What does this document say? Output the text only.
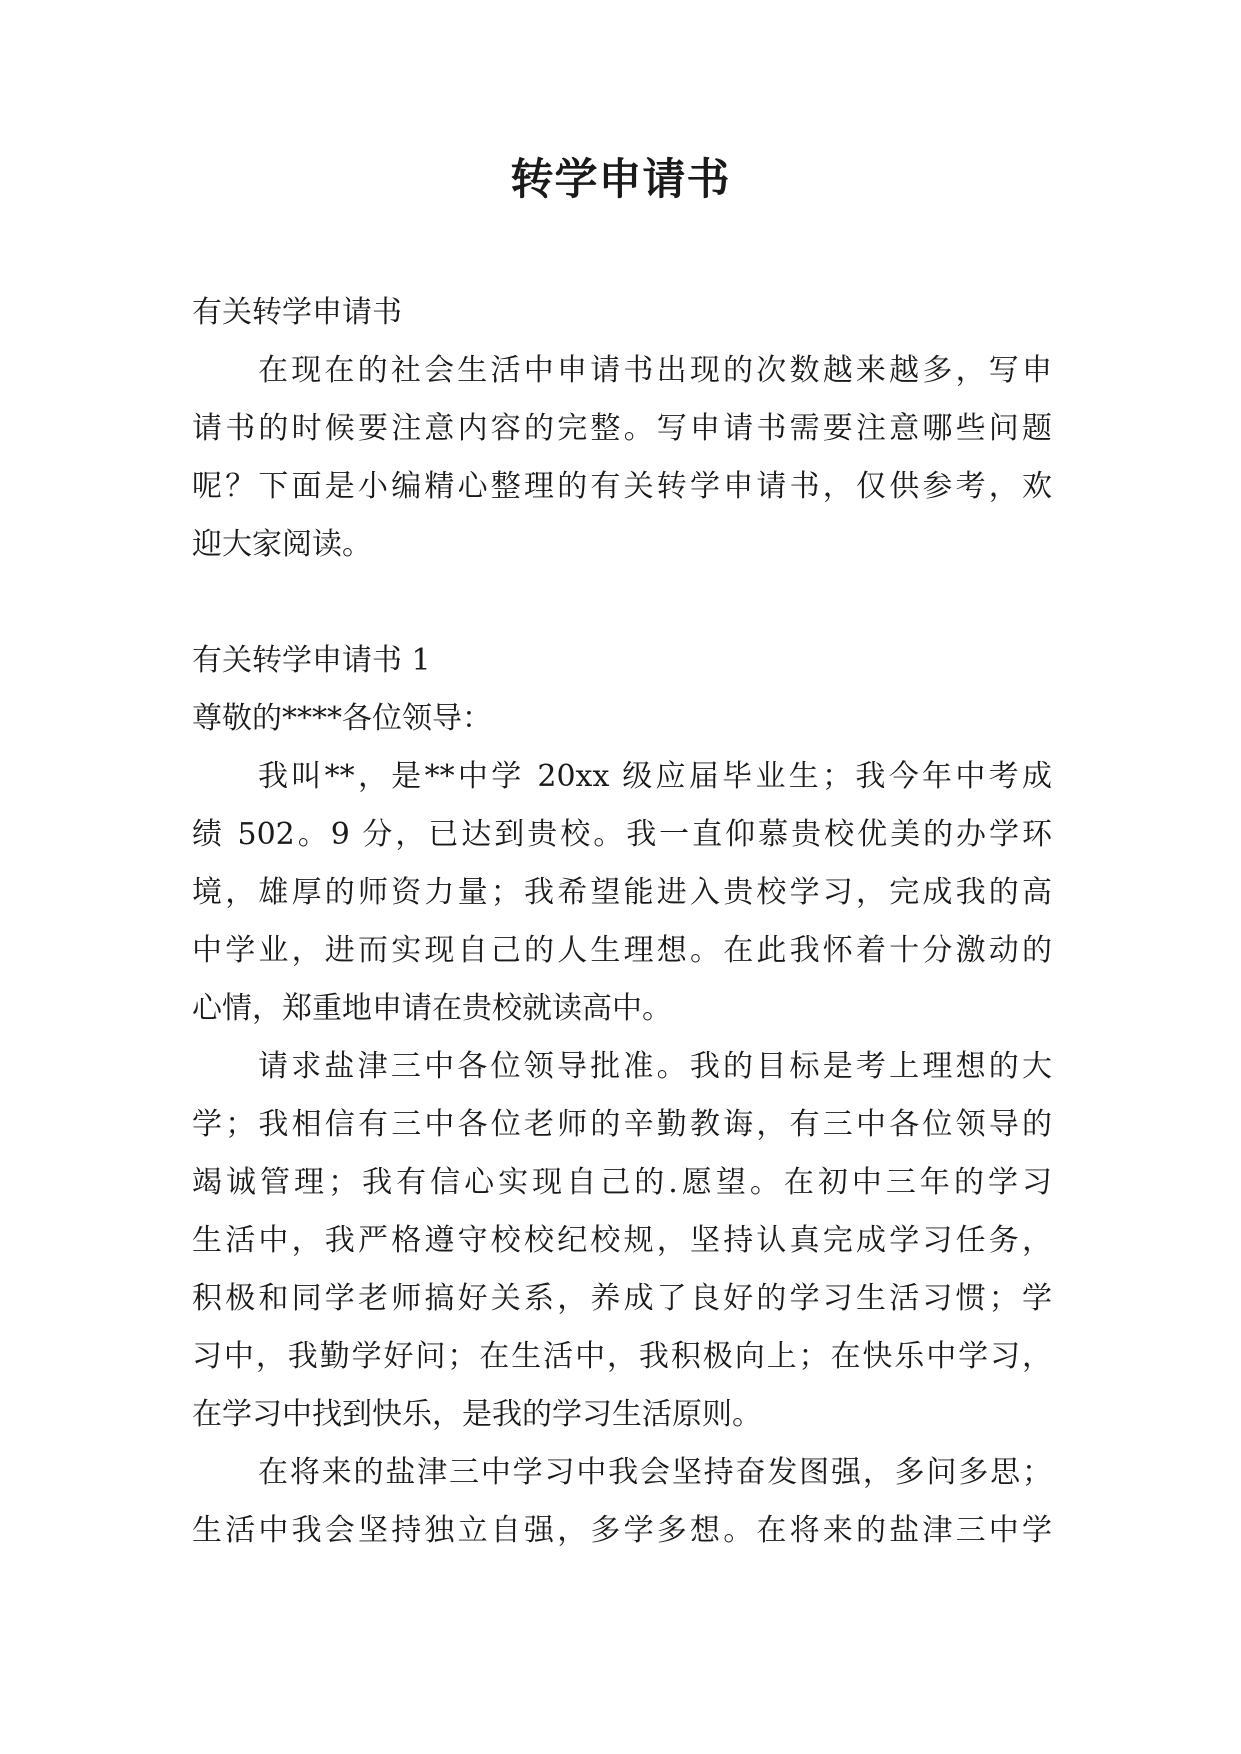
转学申请书

有关转学申请书

在现在的社会生活中申请书出现的次数越来越多，写申

请书的时候要注意内容的完整。写申请书需要注意哪些问题

呢？下面是小编精心整理的有关转学申请书，仅供参考，欢

迎大家阅读。

有关转学申请书 1

尊敬的****各位领导：

我叫**，是**中学 20xx 级应届毕业生；我今年中考成

绩 502。9 分，已达到贵校。我一直仰慕贵校优美的办学环

境，雄厚的师资力量；我希望能进入贵校学习，完成我的高

中学业，进而实现自己的人生理想。在此我怀着十分激动的

心情，郑重地申请在贵校就读高中。

请求盐津三中各位领导批准。我的目标是考上理想的大

学；我相信有三中各位老师的辛勤教诲，有三中各位领导的

竭诚管理；我有信心实现自己的.愿望。在初中三年的学习

生活中，我严格遵守校校纪校规，坚持认真完成学习任务，

积极和同学老师搞好关系，养成了良好的学习生活习惯；学

习中，我勤学好问；在生活中，我积极向上；在快乐中学习，

在学习中找到快乐，是我的学习生活原则。

在将来的盐津三中学习中我会坚持奋发图强，多问多思；

生活中我会坚持独立自强，多学多想。在将来的盐津三中学
